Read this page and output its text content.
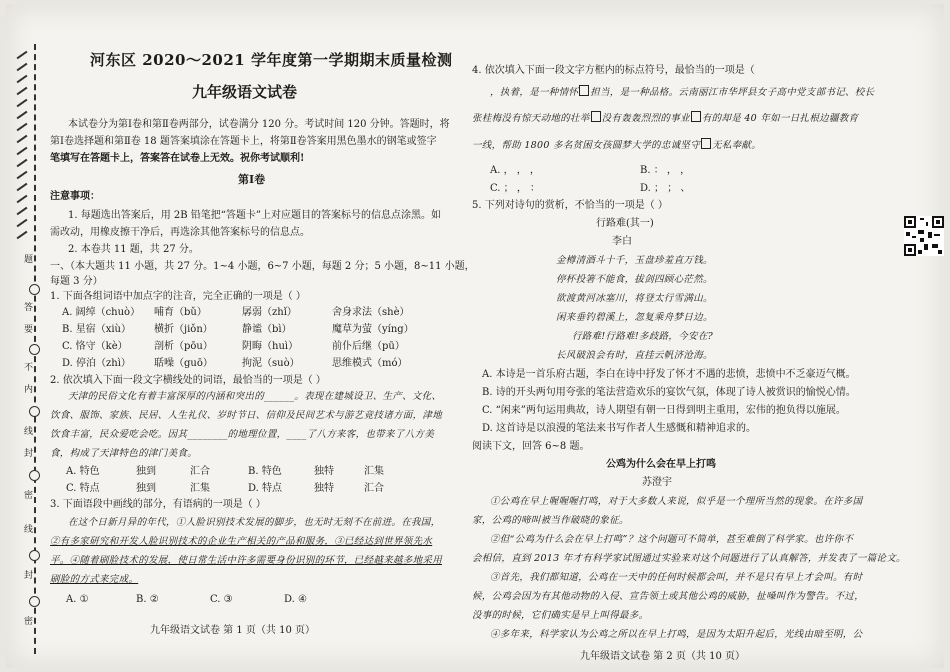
题
答
要
不
内
线
封
密
线
封
密
河东区 2020～2021 学年度第一学期期末质量检测
九年级语文试卷
本试卷分为第Ⅰ卷和第Ⅱ卷两部分，试卷满分 120 分。考试时间 120 分钟。答题时，将
第Ⅰ卷选择题和第Ⅱ卷 18 题答案填涂在答题卡上，将第Ⅱ卷答案用黑色墨水的钢笔或签字
笔填写在答题卡上，答案答在试卷上无效。祝你考试顺利!
第Ⅰ卷
注意事项：
1. 每题选出答案后，用 2B 铅笔把“答题卡”上对应题目的答案标号的信息点涂黑。如
需改动，用橡皮擦干净后，再选涂其他答案标号的信息点。
2. 本卷共 11 题，共 27 分。
一、（本大题共 11 小题，共 27 分。1~4 小题，6~7 小题，每题 2 分；5 小题，8~11 小题，
每题 3 分）
1. 下面各组词语中加点字的注音，完全正确的一项是（ ）
A. 阔绰（chuò） 哺育（bǔ）	孱弱（zhǐ）	舍身求法（shè）
B. 星宿（xiù） 横折（jiǒn）	静谧（bì）	魔草为萤（yíng）
C. 恪守（kè）	剖析（pōu）	阴晦（huì）	前仆后继（pū）
D. 停泊（zhì） 聒噪（guō）	拘泥（suò）	思维模式（mó）
2. 依次填入下面一段文字横线处的词语，最恰当的一项是（ ）
天津的民俗文化有着丰富深厚的内涵和突出的______。表现在建城设卫、生产、文化、
饮食、服饰、家族、民居、人生礼仪、岁时节日、信仰及民间艺术与游艺竞技诸方面，津地
饮食丰富，民众爱吃会吃。因其________的地理位置，____了八方来客，也带来了八方美
食，构成了天津特色的津门美食。
A. 特色	独到	汇合	B. 特色	独特	汇集
C. 特点	独到	汇集	D. 特点	独特	汇合
3. 下面语段中画线的部分，有语病的一项是（ ）
在这个日新月异的年代，①人脸识别技术发展的脚步，也无时无刻不在前进。在我国，
②有多家研究和开发人脸识别技术的企业生产相关的产品和服务，③已经达到世界领先水
平。④随着刷脸技术的发展，使日常生活中许多需要身份识别的环节，已经越来越多地采用
刷脸的方式来完成。
A. ①	B. ②	C. ③	D. ④
九年级语文试卷 第 1 页（共 10 页）
4. 依次填入下面一段文字方框内的标点符号，最恰当的一项是（
，执着，是一种情怀 担当，是一种品格。云南丽江市华坪县女子高中党支部书记、校长
张桂梅没有惊天动地的壮举 没有轰轰烈烈的事业 有的却是 40 年如一日扎根边疆教育
一线，帮助 1800 多名贫困女孩圆梦大学的忠诚坚守 无私奉献。
A. ， ， ，	B. ： ， ，
C. ； ， ：	D. ； ； 、
5. 下列对诗句的赏析，不恰当的一项是（ ）
行路难(其一)
李白
金樽清酒斗十千，玉盘珍羞直万钱。
停杯投箸不能食，拔剑四顾心茫然。
欲渡黄河冰塞川，将登太行雪满山。
闲来垂钓碧溪上，忽复乘舟梦日边。
行路难!行路难!多歧路，今安在?
长风破浪会有时，直挂云帆济沧海。
A. 本诗是一首乐府古题，李白在诗中抒发了怀才不遇的悲愤，悲愤中不乏豪迈气概。
B. 诗的开头两句用夸张的笔法营造欢乐的宴饮气氛，体现了诗人被赏识的愉悦心情。
C. “闲来”两句运用典故，诗人期望有朝一日得到明主重用，宏伟的抱负得以施展。
D. 这首诗是以浪漫的笔法来书写作者人生感慨和精神追求的。
阅读下文，回答 6~8 题。
公鸡为什么会在早上打鸣
苏澄宇
①公鸡在早上喔喔喔打鸣，对于大多数人来说，似乎是一个理所当然的现象。在许多国
家，公鸡的啼叫被当作破晓的象征。
②但“公鸡为什么会在早上打鸣”？这个问题可不简单，甚至难倒了科学家。也许你不
会相信，直到 2013 年才有科学家试图通过实验来对这个问题进行了认真解答，并发表了一篇论文。
③首先，我们都知道，公鸡在一天中的任何时候都会叫，并不是只有早上才会叫。有时
候，公鸡会因为有其他动物的入侵、宣告领土或其他公鸡的威胁，扯嗓叫作为警告。不过，
没事的时候，它们确实是早上叫得最多。
④多年来，科学家认为公鸡之所以在早上打鸣，是因为太阳升起后，光线由暗至明，公
九年级语文试卷 第 2 页（共 10 页）
